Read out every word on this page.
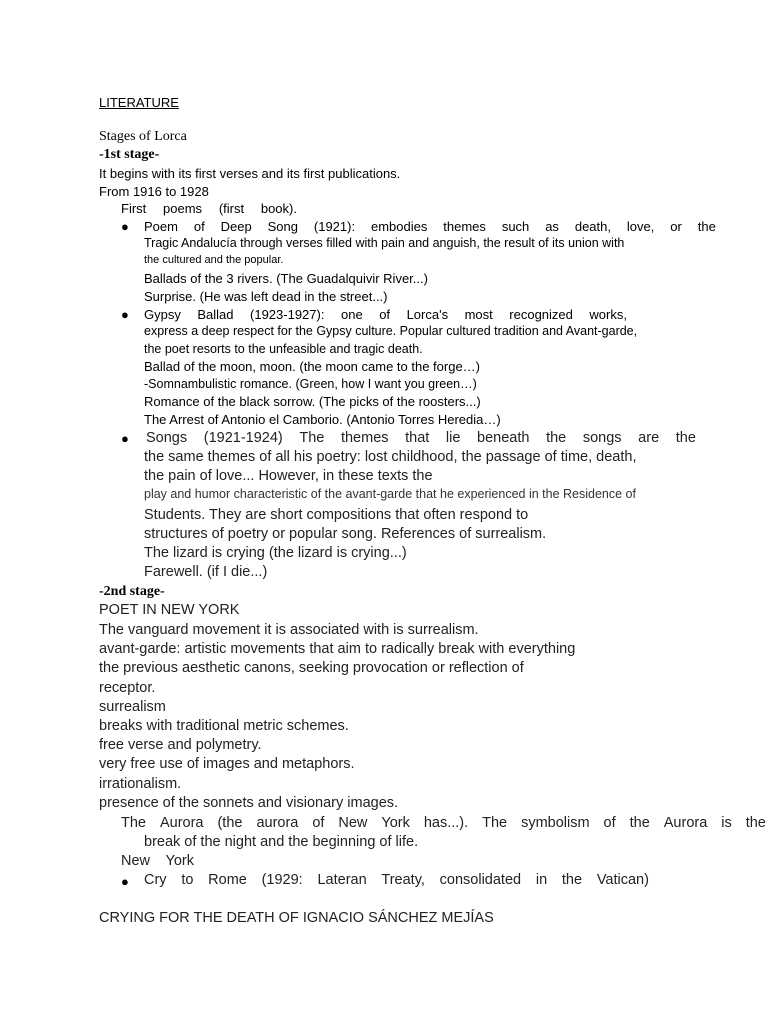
LITERATURE
Stages of Lorca
-1st stage-
It begins with its first verses and its first publications.
From 1916 to 1928
First poems (first book).
● Poem of Deep Song (1921): embodies themes such as death, love, or the
Tragic Andalucía through verses filled with pain and anguish, the result of its union with
the cultured and the popular.
Ballads of the 3 rivers. (The Guadalquivir River...)
Surprise. (He was left dead in the street...)
● Gypsy Ballad (1923-1927): one of Lorca's most recognized works,
express a deep respect for the Gypsy culture. Popular cultured tradition and Avant-garde,
the poet resorts to the unfeasible and tragic death.
Ballad of the moon, moon. (the moon came to the forge…)
-Somnambulistic romance. (Green, how I want you green…)
Romance of the black sorrow. (The picks of the roosters...)
The Arrest of Antonio el Camborio. (Antonio Torres Heredia…)
● Songs (1921-1924) The themes that lie beneath the songs are the
the same themes of all his poetry: lost childhood, the passage of time, death,
the pain of love... However, in these texts the
play and humor characteristic of the avant-garde that he experienced in the Residence of
Students. They are short compositions that often respond to
structures of poetry or popular song. References of surrealism.
The lizard is crying (the lizard is crying...)
Farewell. (if I die...)
-2nd stage-
POET IN NEW YORK
The vanguard movement it is associated with is surrealism.
avant-garde: artistic movements that aim to radically break with everything
the previous aesthetic canons, seeking provocation or reflection of
receptor.
surrealism
breaks with traditional metric schemes.
free verse and polymetry.
very free use of images and metaphors.
irrationalism.
presence of the sonnets and visionary images.
The Aurora (the aurora of New York has...). The symbolism of the Aurora is the
break of the night and the beginning of life.
New York
● Cry to Rome (1929: Lateran Treaty, consolidated in the Vatican)
CRYING FOR THE DEATH OF IGNACIO SÁNCHEZ MEJÍAS
